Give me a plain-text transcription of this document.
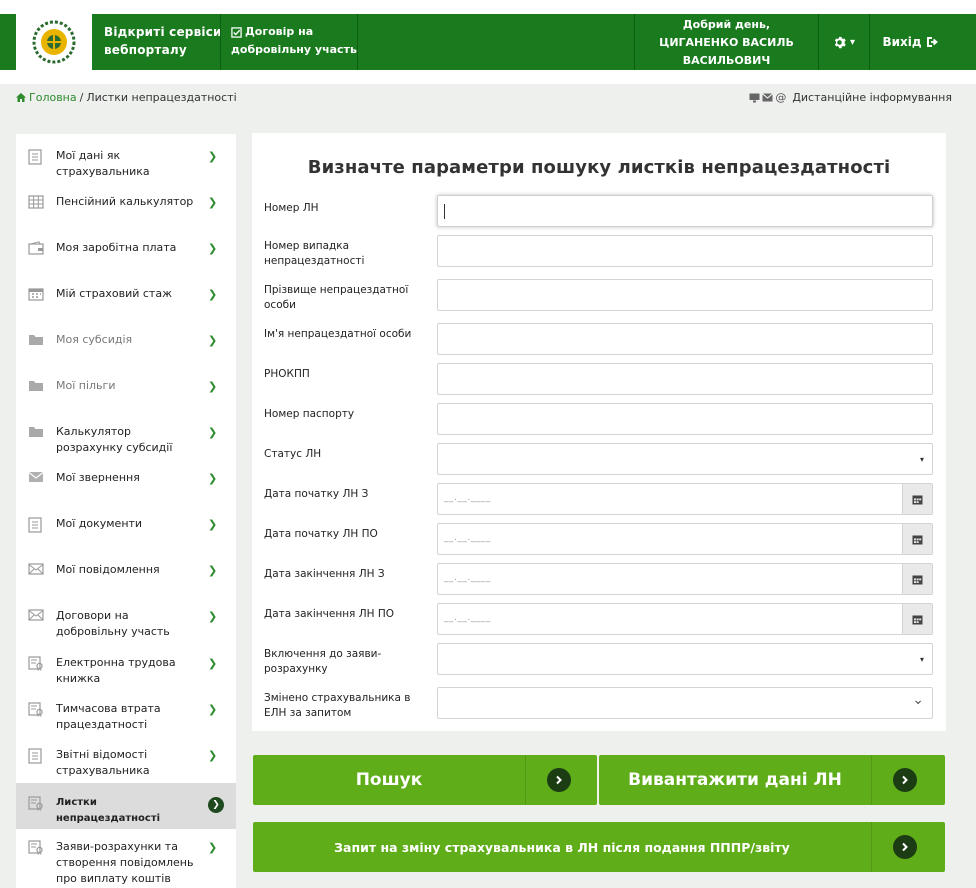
Відкриті сервіси
вебпорталу
Договір на
добровільну участь
Добрий день,
ЦИГАНЕНКО ВАСИЛЬ
ВАСИЛЬОВИЧ
▾ Вихід
Головна / Листки непрацездатності	@ Дистанційне інформування
Мої дані як страхувальника
❯
Пенсійний калькулятор ❯
Моя заробітна плата	❯
Мій страховий стаж	❯
Моя субсидія	❯
Мої пільги	❯
Калькулятор розрахунку субсидії
❯
Мої звернення	❯
Мої документи	❯
Мої повідомлення	❯
Договори на добровільну участь
❯
Електронна трудова книжка
❯
Тимчасова втрата працездатності
❯
Звітні відомості страхувальника
❯
Листки непрацездатності
❯
Заяви-розрахунки та створення повідомлень про виплату коштів
❯
Визначте параметри пошуку листків непрацездатності
Номер ЛН
Номер випадка непрацездатності
Прізвище непрацездатної особи
Ім'я непрацездатної особи
РНОКПП
Номер паспорту
Статус ЛН	▾
Дата початку ЛН З	__.__.____
Дата початку ЛН ПО	__.__.____
Дата закінчення ЛН З	__.__.____
Дата закінчення ЛН ПО	__.__.____
Включення до заяви-розрахунку
▾
Змінено страхувальника в ЕЛН за запитом
⌄
Пошук	Вивантажити дані ЛН
Запит на зміну страхувальника в ЛН після подання ПППР/звіту
